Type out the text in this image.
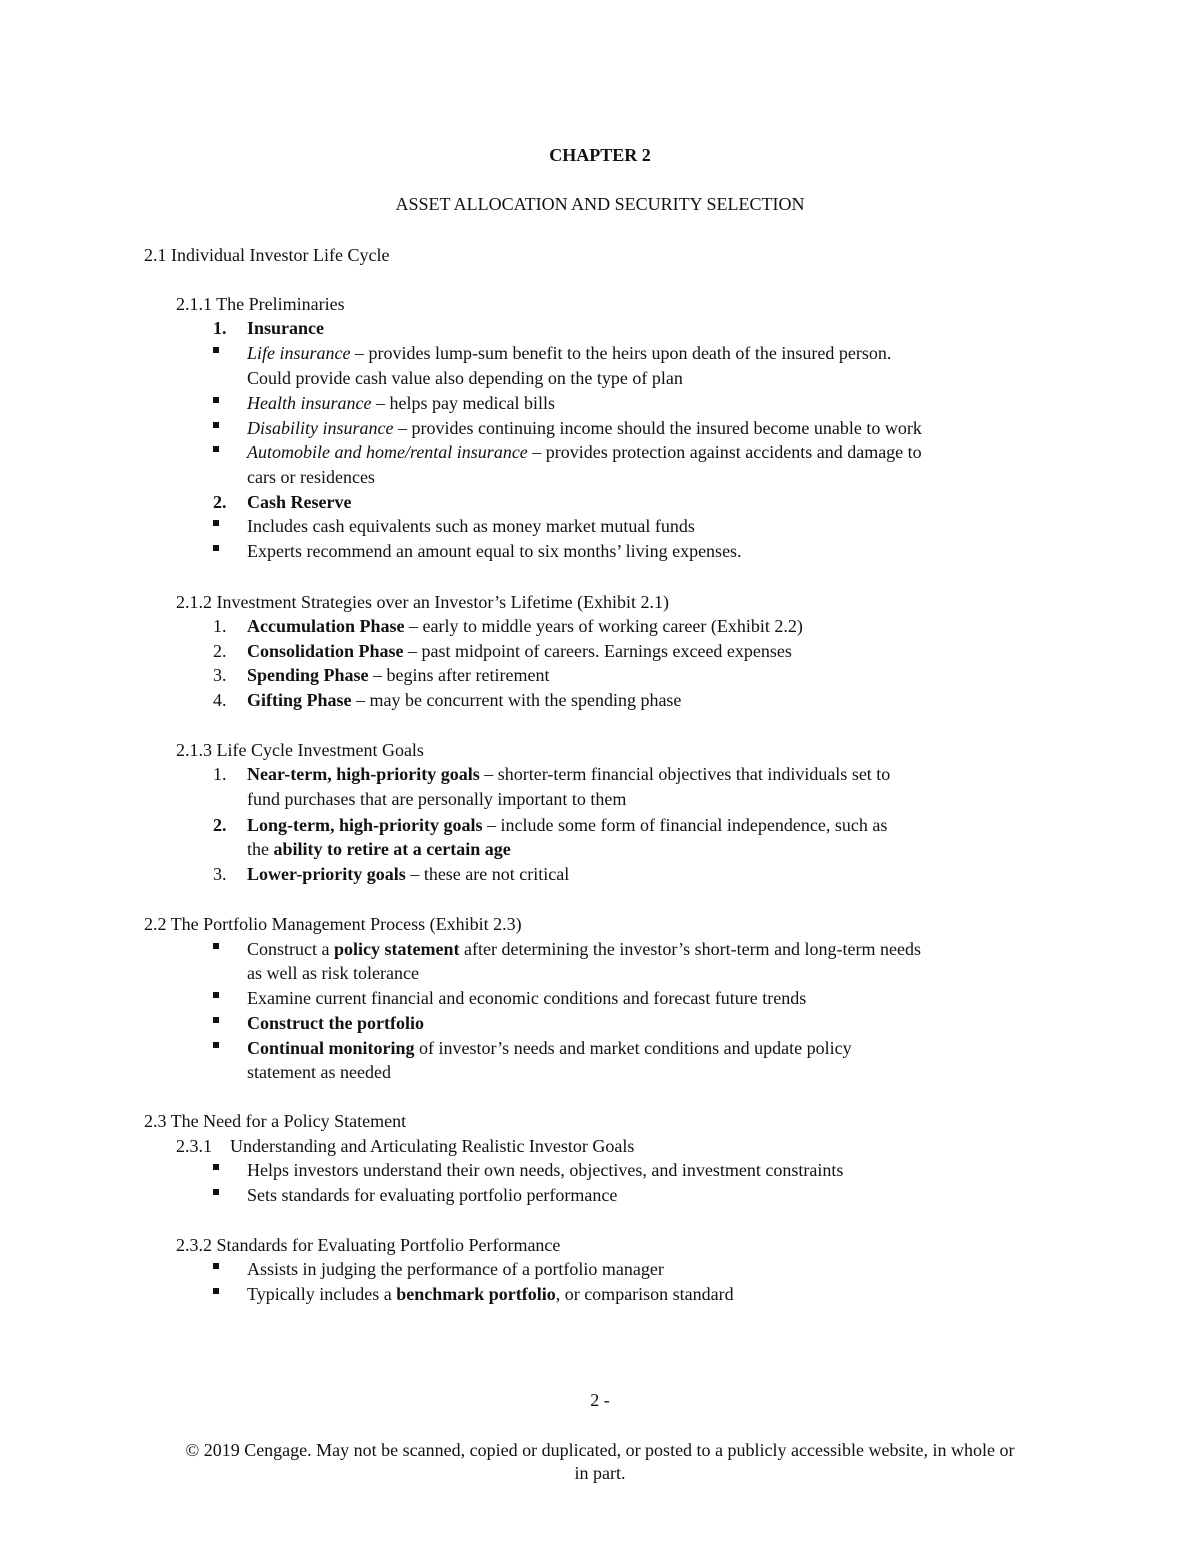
CHAPTER 2
ASSET ALLOCATION AND SECURITY SELECTION
2.1 Individual Investor Life Cycle
2.1.1 The Preliminaries
1. Insurance
Life insurance – provides lump-sum benefit to the heirs upon death of the insured person.
Could provide cash value also depending on the type of plan
Health insurance – helps pay medical bills
Disability insurance – provides continuing income should the insured become unable to work
Automobile and home/rental insurance – provides protection against accidents and damage to
cars or residences
2. Cash Reserve
Includes cash equivalents such as money market mutual funds
Experts recommend an amount equal to six months’ living expenses.
2.1.2 Investment Strategies over an Investor’s Lifetime (Exhibit 2.1)
1. Accumulation Phase – early to middle years of working career (Exhibit 2.2)
2. Consolidation Phase – past midpoint of careers. Earnings exceed expenses
3. Spending Phase – begins after retirement
4. Gifting Phase – may be concurrent with the spending phase
2.1.3 Life Cycle Investment Goals
1. Near-term, high-priority goals – shorter-term financial objectives that individuals set to
fund purchases that are personally important to them
2. Long-term, high-priority goals – include some form of financial independence, such as
the ability to retire at a certain age
3. Lower-priority goals – these are not critical
2.2 The Portfolio Management Process (Exhibit 2.3)
Construct a policy statement after determining the investor’s short-term and long-term needs
as well as risk tolerance
Examine current financial and economic conditions and forecast future trends
Construct the portfolio
Continual monitoring of investor’s needs and market conditions and update policy
statement as needed
2.3 The Need for a Policy Statement
2.3.1    Understanding and Articulating Realistic Investor Goals
Helps investors understand their own needs, objectives, and investment constraints
Sets standards for evaluating portfolio performance
2.3.2 Standards for Evaluating Portfolio Performance
Assists in judging the performance of a portfolio manager
Typically includes a benchmark portfolio, or comparison standard
2 -
© 2019 Cengage. May not be scanned, copied or duplicated, or posted to a publicly accessible website, in whole or
in part.
